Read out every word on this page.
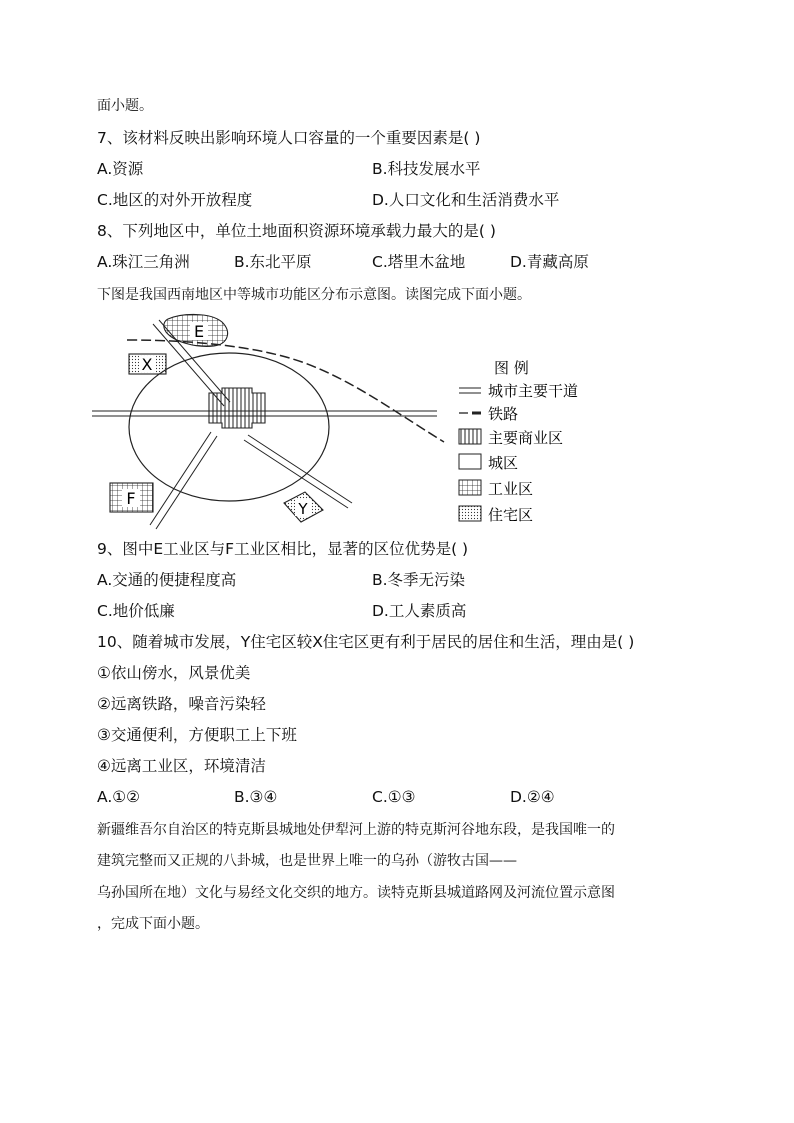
面小题。
7、该材料反映出影响环境人口容量的一个重要因素是( )
A.资源	B.科技发展水平
C.地区的对外开放程度	D.人口文化和生活消费水平
8、下列地区中，单位土地面积资源环境承载力最大的是( )
A.珠江三角洲	B.东北平原	C.塔里木盆地	D.青藏高原
下图是我国西南地区中等城市功能区分布示意图。读图完成下面小题。
E
X
F
Y
图 例
城市主要干道
铁路
主要商业区
城区
工业区
住宅区
9、图中E工业区与F工业区相比，显著的区位优势是( )
A.交通的便捷程度高	B.冬季无污染
C.地价低廉	D.工人素质高
10、随着城市发展，Y住宅区较X住宅区更有利于居民的居住和生活，理由是( )
①依山傍水，风景优美
②远离铁路，噪音污染轻
③交通便利，方便职工上下班
④远离工业区，环境清洁
A.①②	B.③④	C.①③	D.②④
新疆维吾尔自治区的特克斯县城地处伊犁河上游的特克斯河谷地东段，是我国唯一的
建筑完整而又正规的八卦城，也是世界上唯一的乌孙（游牧古国——
乌孙国所在地）文化与易经文化交织的地方。读特克斯县城道路网及河流位置示意图
，完成下面小题。
